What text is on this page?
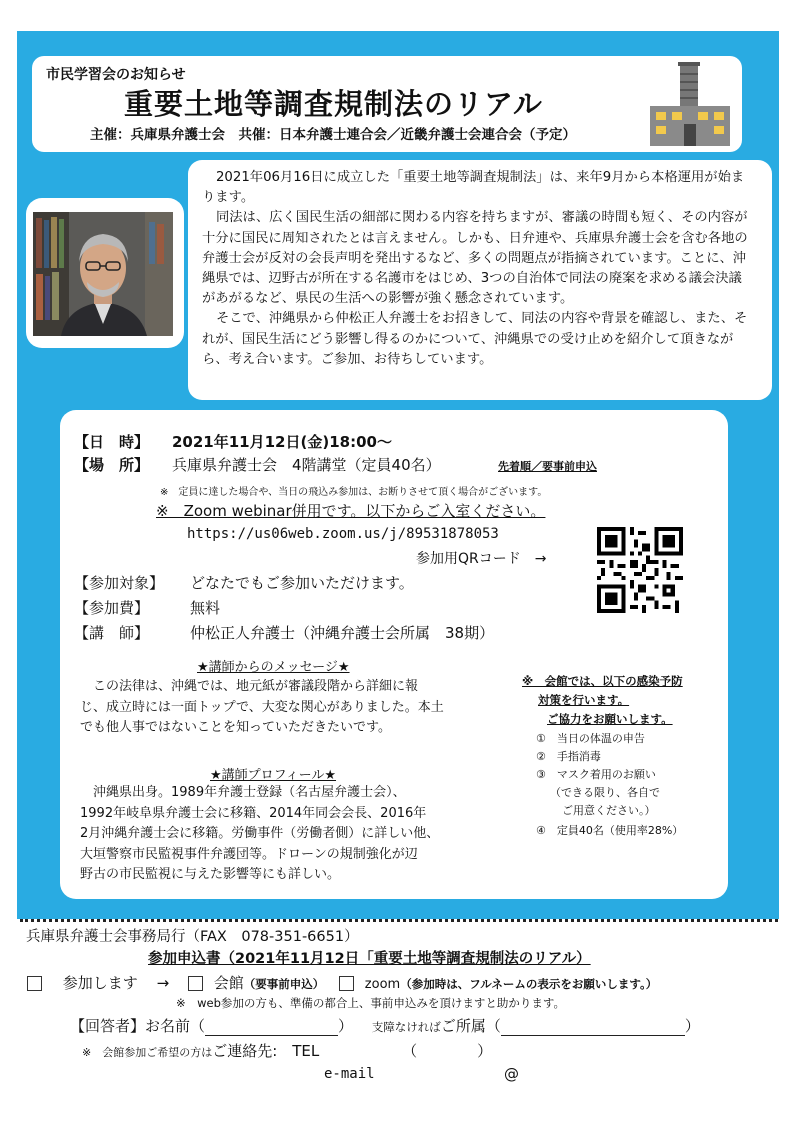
市民学習会のお知らせ
重要土地等調査規制法のリアル
主催：兵庫県弁護士会　共催：日本弁護士連合会／近畿弁護士会連合会（予定）

2021年06月16日に成立した「重要土地等調査規制法」は、来年9月から本格運用が始まります。

同法は、広く国民生活の細部に関わる内容を持ちますが、審議の時間も短く、その内容が十分に国民に周知されたとは言えません。しかも、日弁連や、兵庫県弁護士会を含む各地の弁護士会が反対の会長声明を発出するなど、多くの問題点が指摘されています。ことに、沖縄県では、辺野古が所在する名護市をはじめ、3つの自治体で同法の廃案を求める議会決議があがるなど、県民の生活への影響が強く懸念されています。

そこで、沖縄県から仲松正人弁護士をお招きして、同法の内容や背景を確認し、また、それが、国民生活にどう影響し得るのかについて、沖縄県での受け止めを紹介して頂きながら、考え合います。ご参加、お待ちしています。

【日　時】 2021年11月12日(金)18:00～
【場　所】 兵庫県弁護士会　4階講堂（定員40名）	先着順／要事前申込
※　定員に達した場合や、当日の飛込み参加は、お断りさせて頂く場合がございます。
※　Zoom webinar併用です。以下からご入室ください。
https://us06web.zoom.us/j/89531878053
参加用QRコード　→
【参加対象】 どなたでもご参加いただけます。
【参加費】	無料
【講　師】	仲松正人弁護士（沖縄弁護士会所属　38期）
★講師からのメッセージ★

この法律は、沖縄では、地元紙が審議段階から詳細に報

じ、成立時には一面トップで、大変な関心がありました。本土

でも他人事ではないことを知っていただきたいです。

★講師プロフィール★

沖縄県出身。1989年弁護士登録（名古屋弁護士会）、

1992年岐阜県弁護士会に移籍、2014年同会会長、2016年

2月沖縄弁護士会に移籍。労働事件（労働者側）に詳しい他、

大垣警察市民監視事件弁護団等。ドローンの規制強化が辺

野古の市民監視に与えた影響等にも詳しい。

※　会館では、以下の感染予防
対策を行います。
ご協力をお願いします。
①　当日の体温の申告
②　手指消毒
③　マスク着用のお願い
（できる限り、各自で
ご用意ください。）
④　定員40名（使用率28%）
兵庫県弁護士会事務局行（FAX　078-351-6651）
参加申込書（2021年11月12日「重要土地等調査規制法のリアル）
参加します →	会館（要事前申込）	zoom（参加時は、フルネームの表示をお願いします。）
※　web参加の方も、準備の都合上、事前申込みを頂けますと助かります。
【回答者】お名前（	） 支障なければご所属（	）
※　会館参加ご希望の方はご連絡先:　TEL	（　　　　）
e-mail	@
